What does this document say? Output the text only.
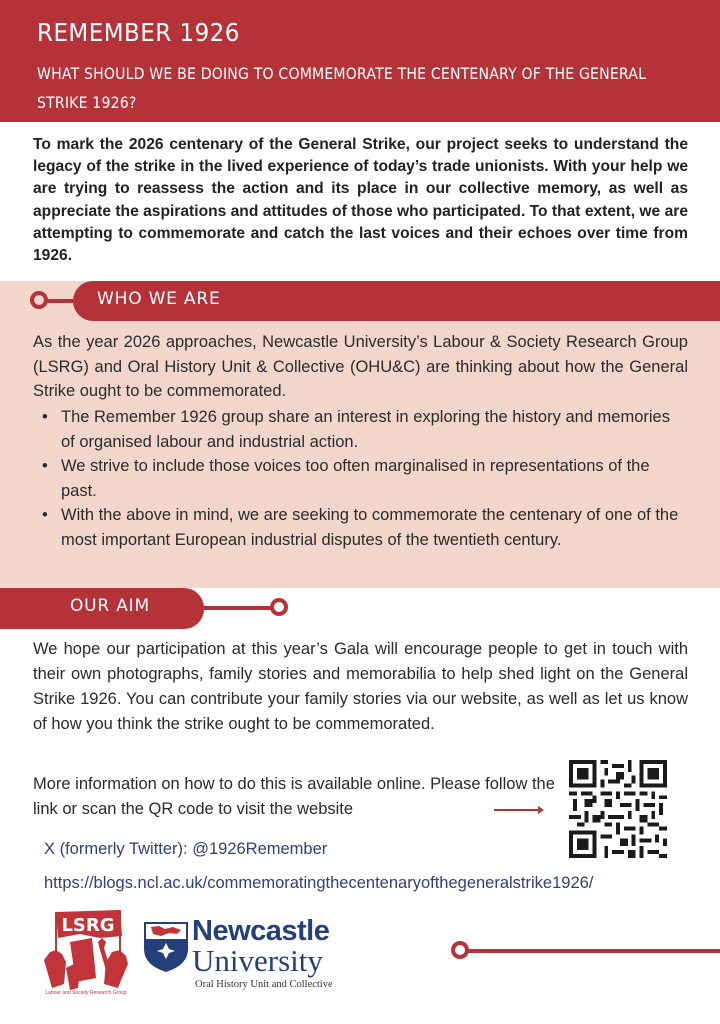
REMEMBER 1926
WHAT SHOULD WE BE DOING TO COMMEMORATE THE CENTENARY OF THE GENERAL STRIKE 1926?
To mark the 2026 centenary of the General Strike, our project seeks to understand the legacy of the strike in the lived experience of today’s trade unionists. With your help we are trying to reassess the action and its place in our collective memory, as well as appreciate the aspirations and attitudes of those who participated. To that extent, we are attempting to commemorate and catch the last voices and their echoes over time from 1926.
WHO WE ARE
As the year 2026 approaches, Newcastle University’s Labour & Society Research Group (LSRG) and Oral History Unit & Collective (OHU&C) are thinking about how the General Strike ought to be commemorated.
• The Remember 1926 group share an interest in exploring the history and memories of organised labour and industrial action.
• We strive to include those voices too often marginalised in representations of the past.
• With the above in mind, we are seeking to commemorate the centenary of one of the most important European industrial disputes of the twentieth century.
OUR AIM
We hope our participation at this year’s Gala will encourage people to get in touch with their own photographs, family stories and memorabilia to help shed light on the General Strike 1926. You can contribute your family stories via our website, as well as let us know of how you think the strike ought to be commemorated.
More information on how to do this is available online. Please follow the link or scan the QR code to visit the website
X (formerly Twitter): @1926Remember
https://blogs.ncl.ac.uk/commemoratingthecentenaryofthegeneralstrike1926/
LSRG
Labour and Society Research Group
Newcastle
University
Oral History Unit and Collective
